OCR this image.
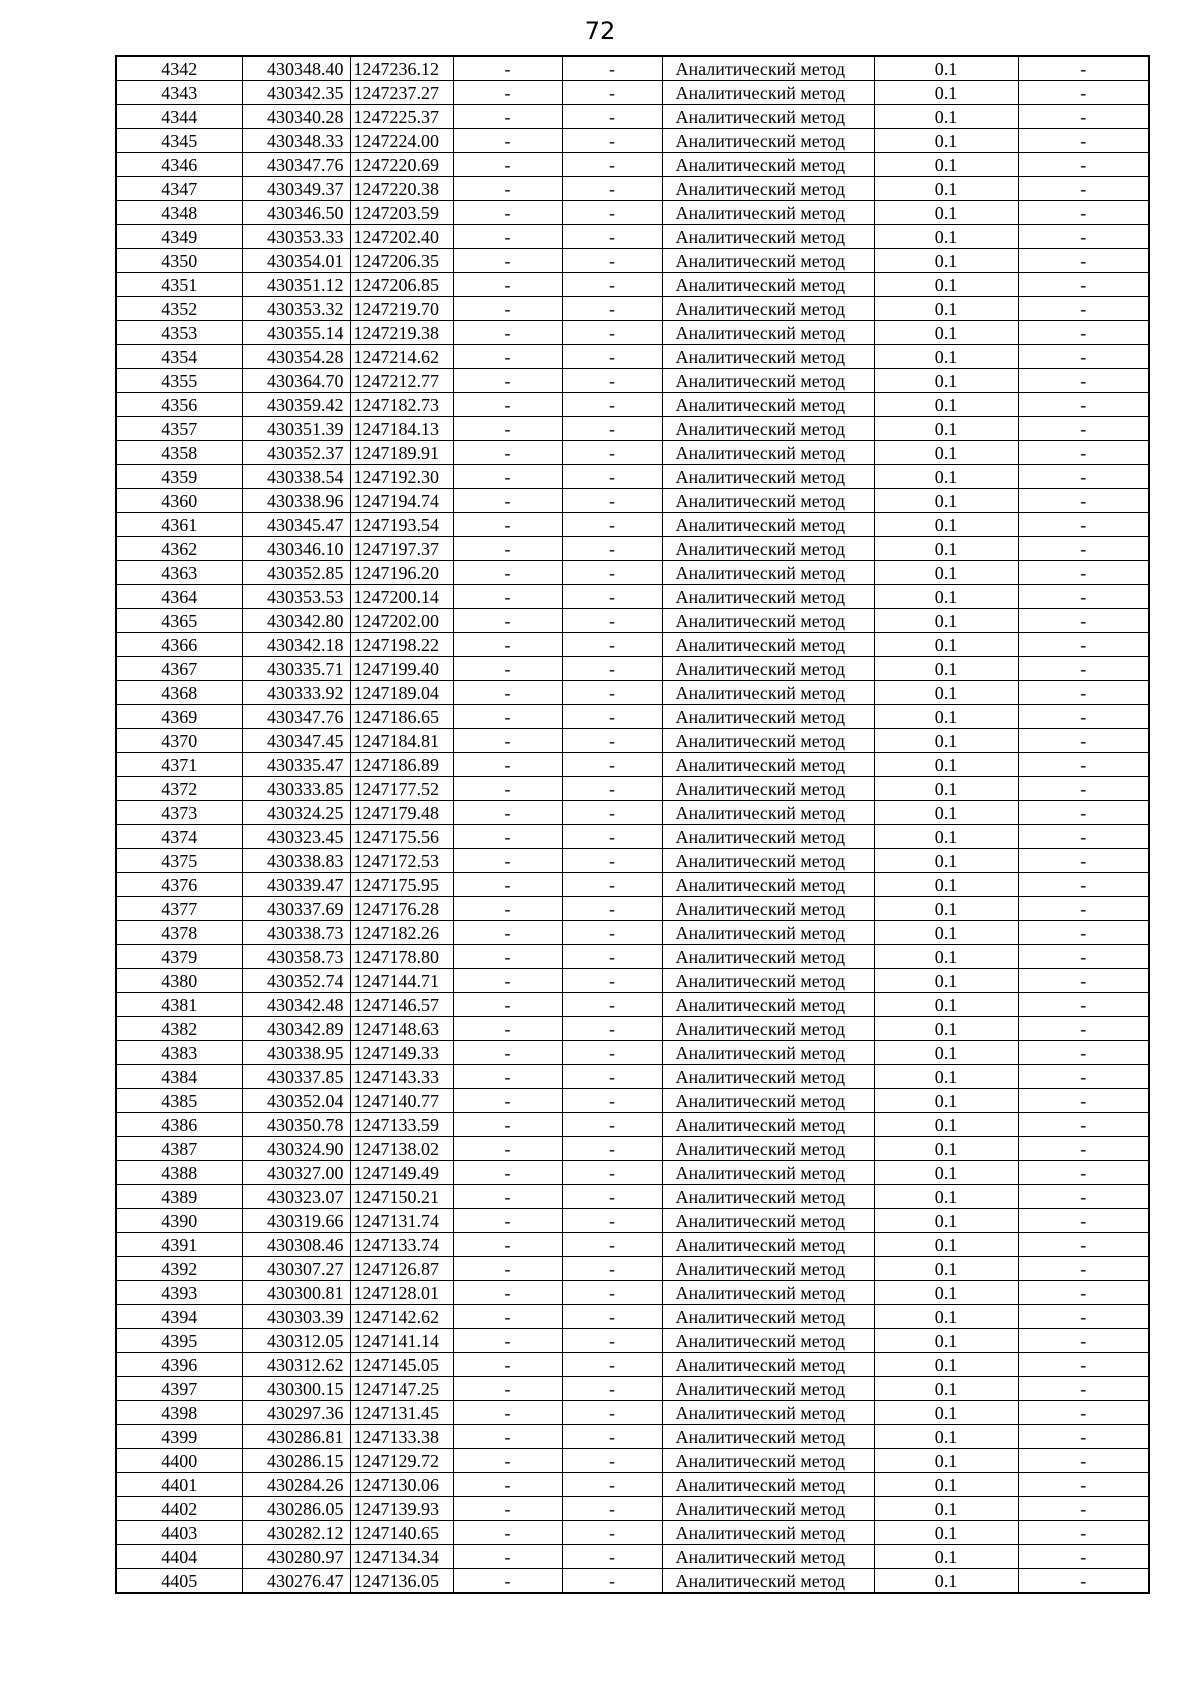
72
4342	430348.40	1247236.12	-	-	Аналитический метод	0.1	-
4343	430342.35	1247237.27	-	-	Аналитический метод	0.1	-
4344	430340.28	1247225.37	-	-	Аналитический метод	0.1	-
4345	430348.33	1247224.00	-	-	Аналитический метод	0.1	-
4346	430347.76	1247220.69	-	-	Аналитический метод	0.1	-
4347	430349.37	1247220.38	-	-	Аналитический метод	0.1	-
4348	430346.50	1247203.59	-	-	Аналитический метод	0.1	-
4349	430353.33	1247202.40	-	-	Аналитический метод	0.1	-
4350	430354.01	1247206.35	-	-	Аналитический метод	0.1	-
4351	430351.12	1247206.85	-	-	Аналитический метод	0.1	-
4352	430353.32	1247219.70	-	-	Аналитический метод	0.1	-
4353	430355.14	1247219.38	-	-	Аналитический метод	0.1	-
4354	430354.28	1247214.62	-	-	Аналитический метод	0.1	-
4355	430364.70	1247212.77	-	-	Аналитический метод	0.1	-
4356	430359.42	1247182.73	-	-	Аналитический метод	0.1	-
4357	430351.39	1247184.13	-	-	Аналитический метод	0.1	-
4358	430352.37	1247189.91	-	-	Аналитический метод	0.1	-
4359	430338.54	1247192.30	-	-	Аналитический метод	0.1	-
4360	430338.96	1247194.74	-	-	Аналитический метод	0.1	-
4361	430345.47	1247193.54	-	-	Аналитический метод	0.1	-
4362	430346.10	1247197.37	-	-	Аналитический метод	0.1	-
4363	430352.85	1247196.20	-	-	Аналитический метод	0.1	-
4364	430353.53	1247200.14	-	-	Аналитический метод	0.1	-
4365	430342.80	1247202.00	-	-	Аналитический метод	0.1	-
4366	430342.18	1247198.22	-	-	Аналитический метод	0.1	-
4367	430335.71	1247199.40	-	-	Аналитический метод	0.1	-
4368	430333.92	1247189.04	-	-	Аналитический метод	0.1	-
4369	430347.76	1247186.65	-	-	Аналитический метод	0.1	-
4370	430347.45	1247184.81	-	-	Аналитический метод	0.1	-
4371	430335.47	1247186.89	-	-	Аналитический метод	0.1	-
4372	430333.85	1247177.52	-	-	Аналитический метод	0.1	-
4373	430324.25	1247179.48	-	-	Аналитический метод	0.1	-
4374	430323.45	1247175.56	-	-	Аналитический метод	0.1	-
4375	430338.83	1247172.53	-	-	Аналитический метод	0.1	-
4376	430339.47	1247175.95	-	-	Аналитический метод	0.1	-
4377	430337.69	1247176.28	-	-	Аналитический метод	0.1	-
4378	430338.73	1247182.26	-	-	Аналитический метод	0.1	-
4379	430358.73	1247178.80	-	-	Аналитический метод	0.1	-
4380	430352.74	1247144.71	-	-	Аналитический метод	0.1	-
4381	430342.48	1247146.57	-	-	Аналитический метод	0.1	-
4382	430342.89	1247148.63	-	-	Аналитический метод	0.1	-
4383	430338.95	1247149.33	-	-	Аналитический метод	0.1	-
4384	430337.85	1247143.33	-	-	Аналитический метод	0.1	-
4385	430352.04	1247140.77	-	-	Аналитический метод	0.1	-
4386	430350.78	1247133.59	-	-	Аналитический метод	0.1	-
4387	430324.90	1247138.02	-	-	Аналитический метод	0.1	-
4388	430327.00	1247149.49	-	-	Аналитический метод	0.1	-
4389	430323.07	1247150.21	-	-	Аналитический метод	0.1	-
4390	430319.66	1247131.74	-	-	Аналитический метод	0.1	-
4391	430308.46	1247133.74	-	-	Аналитический метод	0.1	-
4392	430307.27	1247126.87	-	-	Аналитический метод	0.1	-
4393	430300.81	1247128.01	-	-	Аналитический метод	0.1	-
4394	430303.39	1247142.62	-	-	Аналитический метод	0.1	-
4395	430312.05	1247141.14	-	-	Аналитический метод	0.1	-
4396	430312.62	1247145.05	-	-	Аналитический метод	0.1	-
4397	430300.15	1247147.25	-	-	Аналитический метод	0.1	-
4398	430297.36	1247131.45	-	-	Аналитический метод	0.1	-
4399	430286.81	1247133.38	-	-	Аналитический метод	0.1	-
4400	430286.15	1247129.72	-	-	Аналитический метод	0.1	-
4401	430284.26	1247130.06	-	-	Аналитический метод	0.1	-
4402	430286.05	1247139.93	-	-	Аналитический метод	0.1	-
4403	430282.12	1247140.65	-	-	Аналитический метод	0.1	-
4404	430280.97	1247134.34	-	-	Аналитический метод	0.1	-
4405	430276.47	1247136.05	-	-	Аналитический метод	0.1	-
